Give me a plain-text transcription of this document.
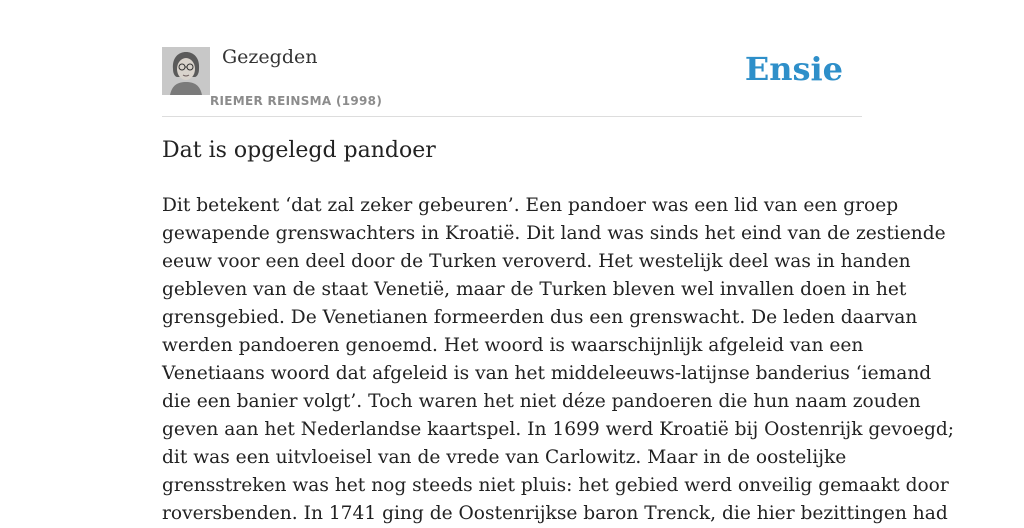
Gezegden
RIEMER REINSMA (1998)
Ensie
Dat is opgelegd pandoer

Dit betekent ‘dat zal zeker gebeuren’. Een pandoer was een lid van een groep
gewapende grenswachters in Kroatië. Dit land was sinds het eind van de zestiende
eeuw voor een deel door de Turken veroverd. Het westelijk deel was in handen
gebleven van de staat Venetië, maar de Turken bleven wel invallen doen in het
grensgebied. De Venetianen formeerden dus een grenswacht. De leden daarvan
werden pandoeren genoemd. Het woord is waarschijnlijk afgeleid van een
Venetiaans woord dat afgeleid is van het middeleeuws-latijnse banderius ‘iemand
die een banier volgt’. Toch waren het niet déze pandoeren die hun naam zouden
geven aan het Nederlandse kaartspel. In 1699 werd Kroatië bij Oostenrijk gevoegd;
dit was een uitvloeisel van de vrede van Carlowitz. Maar in de oostelijke
grensstreken was het nog steeds niet pluis: het gebied werd onveilig gemaakt door
roversbenden. In 1741 ging de Oostenrijkse baron Trenck, die hier bezittingen had
